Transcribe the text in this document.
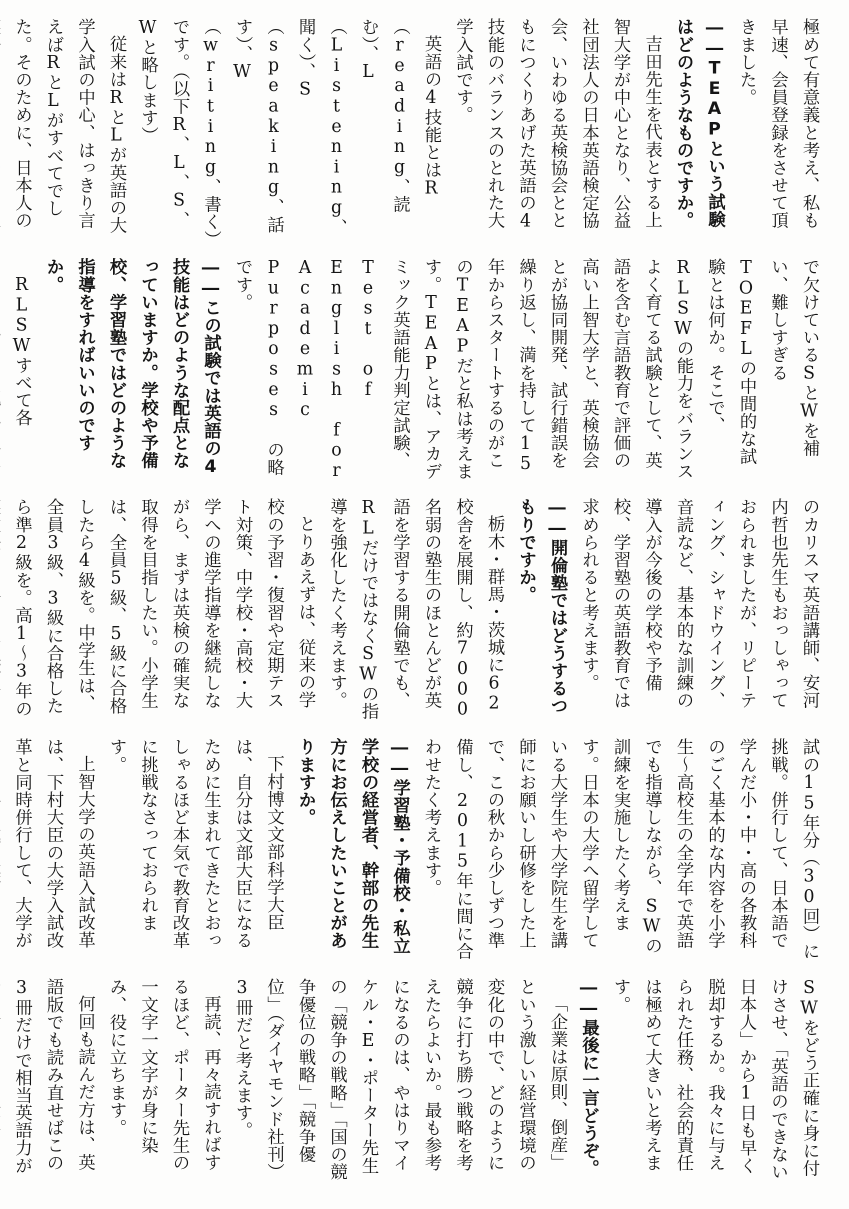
極めて有意義と考え、私も早速、会員登録をさせて頂きました。
――TEAPという試験はどのようなものですか。
吉田先生を代表とする上智大学が中心となり、公益社団法人の日本英語検定協会、いわゆる英検協会とともにつくりあげた英語の4技能のバランスのとれた大学入試です。
英語の4技能とはR（reading、読む）、L（Listening、聞く）、S（speaking、話す）、W（writing、書く）です。（以下R、L、S、Wと略します）
従来はRとLが英語の大学入試の中心、はっきり言えばRとLがすべてでした。そのために、日本人の
で欠けているSとWを補い、難しすぎるTOEFLの中間的な試験とは何か。そこで、RLSWの能力をバランスよく育てる試験として、英語を含む言語教育で評価の高い上智大学と、英検協会とが協同開発、試行錯誤を繰り返し、満を持して15年からスタートするのがこのTEAPだと私は考えます。TEAPとは、アカデミック英語能力判定試験、Test of English for Academic Purposes の略です。
――この試験では英語の4技能はどのような配点となっていますか。学校や予備校、学習塾ではどのような指導をすればいいのですか。
RLSWすべて各
のカリスマ英語講師、安河内哲也先生もおっしゃっておられましたが、リピーティング、シャドウイング、音読など、基本的な訓練の導入が今後の学校や予備校、学習塾の英語教育では求められると考えます。
――開倫塾ではどうするつもりですか。
栃木・群馬・茨城に62校舎を展開し、約7000名弱の塾生のほとんどが英語を学習する開倫塾でも、RLだけではなくSWの指導を強化したく考えます。
とりあえずは、従来の学校の予習・復習や定期テスト対策、中学校・高校・大学への進学指導を継続しながら、まずは英検の確実な取得を目指したい。小学生は、全員5級、5級に合格したら4級を。中学生は、全員3級、3級に合格したら準2級を。高1～3年の
試の15年分（30回）に挑戦。併行して、日本語で学んだ小・中・高の各教科のごく基本的な内容を小学生～高校生の全学年で英語でも指導しながら、SWの訓練を実施したく考えます。日本の大学へ留学している大学生や大学院生を講師にお願いし研修をした上で、この秋から少しずつ準備し、2015年に間に合わせたく考えます。
――学習塾・予備校・私立学校の経営者、幹部の先生方にお伝えしたいことがありますか。
下村博文文部科学大臣は、自分は文部大臣になるために生まれてきたとおっしゃるほど本気で教育改革に挑戦なさっておられます。
上智大学の英語入試改革は、下村大臣の大学入試改革と同時併行して、大学が
SWをどう正確に身に付けさせ、「英語のできない日本人」から1日も早く脱却するか。我々に与えられた任務、社会的責任は極めて大きいと考えます。
――最後に一言どうぞ。
「企業は原則、倒産」という激しい経営環境の変化の中で、どのように競争に打ち勝つ戦略を考えたらよいか。最も参考になるのは、やはりマイケル・E・ポーター先生の「競争の戦略」「国の競争優位の戦略」「競争優位」（ダイヤモンド社刊）3冊だと考えます。
再読、再々読すればするほど、ポーター先生の一文字一文字が身に染み、役に立ちます。
何回も読んだ方は、英語版でも読み直せばこの3冊だけで相当英語力が
